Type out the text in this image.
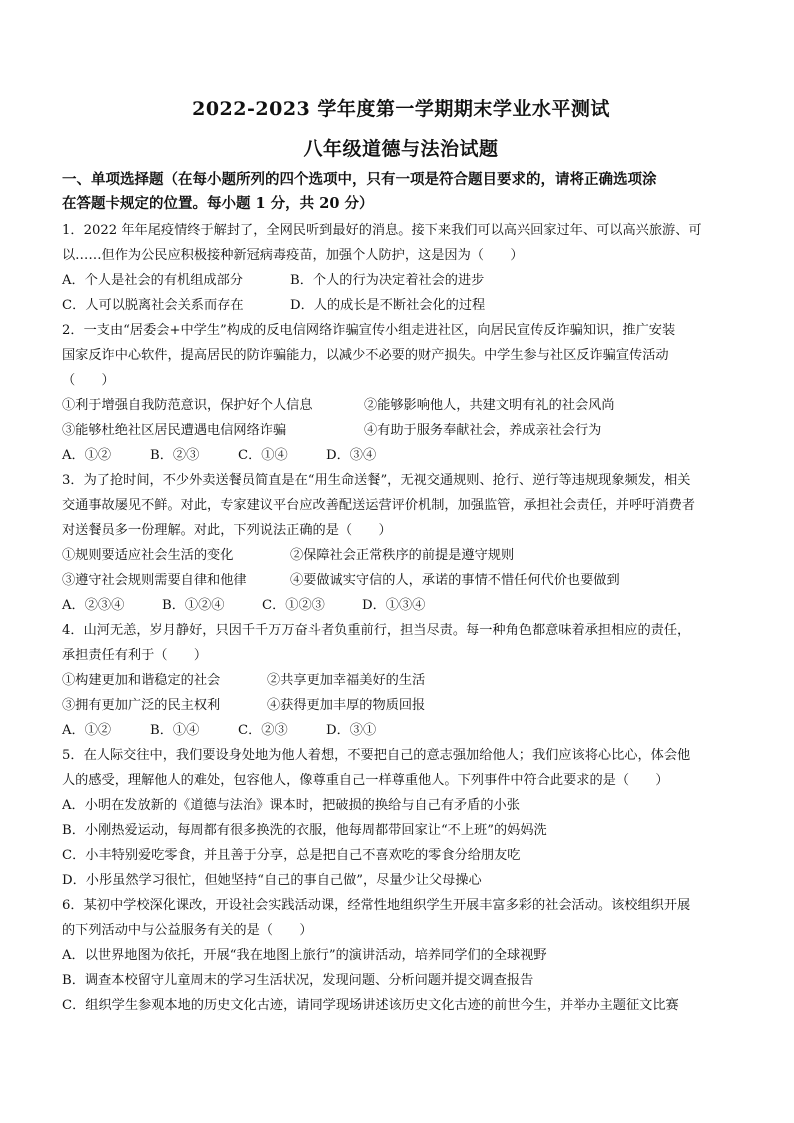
2022-2023 学年度第一学期期末学业水平测试
八年级道德与法治试题
一、单项选择题（在每小题所列的四个选项中，只有一项是符合题目要求的，请将正确选项涂
在答题卡规定的位置。每小题 1 分，共 20 分）
1．2022 年年尾疫情终于解封了，全网民听到最好的消息。接下来我们可以高兴回家过年、可以高兴旅游、可
以……但作为公民应积极接种新冠病毒疫苗，加强个人防护，这是因为（　　）
A．个人是社会的有机组成部分	B．个人的行为决定着社会的进步
C．人可以脱离社会关系而存在	D．人的成长是不断社会化的过程
2．一支由“居委会+中学生”构成的反电信网络诈骗宣传小组走进社区，向居民宣传反诈骗知识，推广安装
国家反诈中心软件，提高居民的防诈骗能力，以减少不必要的财产损失。中学生参与社区反诈骗宣传活动
（　　）
①利于增强自我防范意识，保护好个人信息	②能够影响他人，共建文明有礼的社会风尚
③能够杜绝社区居民遭遇电信网络诈骗	④有助于服务奉献社会，养成亲社会行为
A．①②	B．②③	C．①④	D．③④
3．为了抢时间，不少外卖送餐员简直是在“用生命送餐”，无视交通规则、抢行、逆行等违规现象频发，相关
交通事故屡见不鲜。对此，专家建议平台应改善配送运营评价机制，加强监管，承担社会责任，并呼吁消费者
对送餐员多一份理解。对此，下列说法正确的是（　　）
①规则要适应社会生活的变化	②保障社会正常秩序的前提是遵守规则
③遵守社会规则需要自律和他律	④要做诚实守信的人，承诺的事情不惜任何代价也要做到
A．②③④	B．①②④	C．①②③	D．①③④
4．山河无恙，岁月静好，只因千千万万奋斗者负重前行，担当尽责。每一种角色都意味着承担相应的责任，
承担责任有利于（　　）
①构建更加和谐稳定的社会	②共享更加幸福美好的生活
③拥有更加广泛的民主权利	④获得更加丰厚的物质回报
A．①②	B．①④	C．②③	D．③①
5．在人际交往中，我们要设身处地为他人着想，不要把自己的意志强加给他人；我们应该将心比心，体会他
人的感受，理解他人的难处，包容他人，像尊重自己一样尊重他人。下列事件中符合此要求的是（　　）
A．小明在发放新的《道德与法治》课本时，把破损的换给与自己有矛盾的小张
B．小刚热爱运动，每周都有很多换洗的衣服，他每周都带回家让“不上班”的妈妈洗
C．小丰特别爱吃零食，并且善于分享，总是把自己不喜欢吃的零食分给朋友吃
D．小彤虽然学习很忙，但她坚持“自己的事自己做”，尽量少让父母操心
6．某初中学校深化课改，开设社会实践活动课，经常性地组织学生开展丰富多彩的社会活动。该校组织开展
的下列活动中与公益服务有关的是（　　）
A．以世界地图为依托，开展“我在地图上旅行”的演讲活动，培养同学们的全球视野
B．调查本校留守儿童周末的学习生活状况，发现问题、分析问题并提交调查报告
C．组织学生参观本地的历史文化古迹，请同学现场讲述该历史文化古迹的前世今生，并举办主题征文比赛
